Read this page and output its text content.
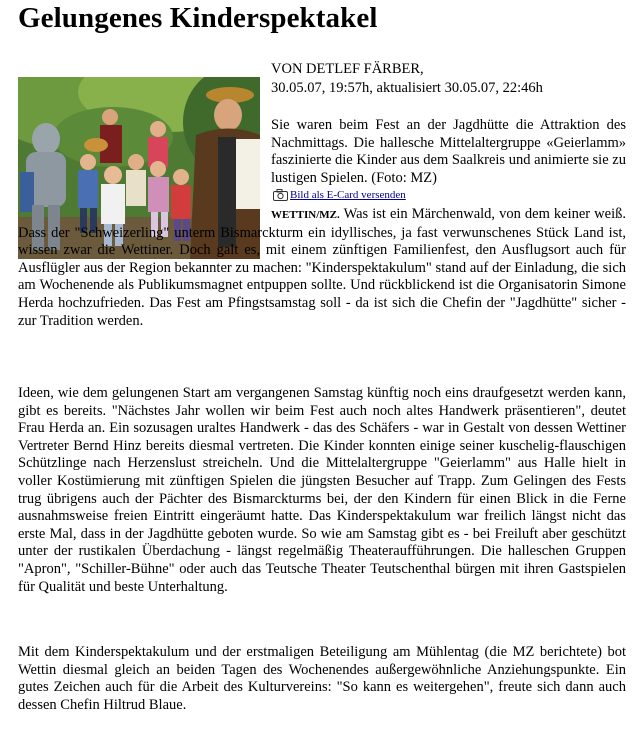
Gelungenes Kinderspektakel
VON DETLEF FÄRBER,
30.05.07, 19:57h, aktualisiert 30.05.07, 22:46h

Sie waren beim Fest an der Jagdhütte die Attraktion des Nachmittags. Die hallesche Mittelaltergruppe «Geierlamm» faszinierte die Kinder aus dem Saalkreis und animierte sie zu lustigen Spielen. (Foto: MZ)

Bild als E-Card versenden

WETTIN/MZ. Was ist ein Märchenwald, von dem keiner weiß. Dass der "Schweizerling" unterm Bismarckturm ein idyllisches, ja fast verwunschenes Stück Land ist, wissen zwar die Wettiner. Doch galt es, mit einem zünftigen Familienfest, den Ausflugsort auch für Ausflügler aus der Region bekannter zu machen: "Kinderspektakulum" stand auf der Einladung, die sich am Wochenende als Publikumsmagnet entpuppen sollte. Und rückblickend ist die Organisatorin Simone Herda hochzufrieden. Das Fest am Pfingstsamstag soll - da ist sich die Chefin der "Jagdhütte" sicher - zur Tradition werden.

Ideen, wie dem gelungenen Start am vergangenen Samstag künftig noch eins draufgesetzt werden kann, gibt es bereits. "Nächstes Jahr wollen wir beim Fest auch noch altes Handwerk präsentieren", deutet Frau Herda an. Ein sozusagen uraltes Handwerk - das des Schäfers - war in Gestalt von dessen Wettiner Vertreter Bernd Hinz bereits diesmal vertreten. Die Kinder konnten einige seiner kuschelig-flauschigen Schützlinge nach Herzenslust streicheln. Und die Mittelaltergruppe "Geierlamm" aus Halle hielt in voller Kostümierung mit zünftigen Spielen die jüngsten Besucher auf Trapp. Zum Gelingen des Fests trug übrigens auch der Pächter des Bismarckturms bei, der den Kindern für einen Blick in die Ferne ausnahmsweise freien Eintritt eingeräumt hatte. Das Kinderspektakulum war freilich längst nicht das erste Mal, dass in der Jagdhütte geboten wurde. So wie am Samstag gibt es - bei Freiluft aber geschützt unter der rustikalen Überdachung - längst regelmäßig Theateraufführungen. Die halleschen Gruppen "Apron", "Schiller-Bühne" oder auch das Teutsche Theater Teutschenthal bürgen mit ihren Gastspielen für Qualität und beste Unterhaltung.

Mit dem Kinderspektakulum und der erstmaligen Beteiligung am Mühlentag (die MZ berichtete) bot Wettin diesmal gleich an beiden Tagen des Wochenendes außergewöhnliche Anziehungspunkte. Ein gutes Zeichen auch für die Arbeit des Kulturvereins: "So kann es weitergehen", freute sich dann auch dessen Chefin Hiltrud Blaue.
